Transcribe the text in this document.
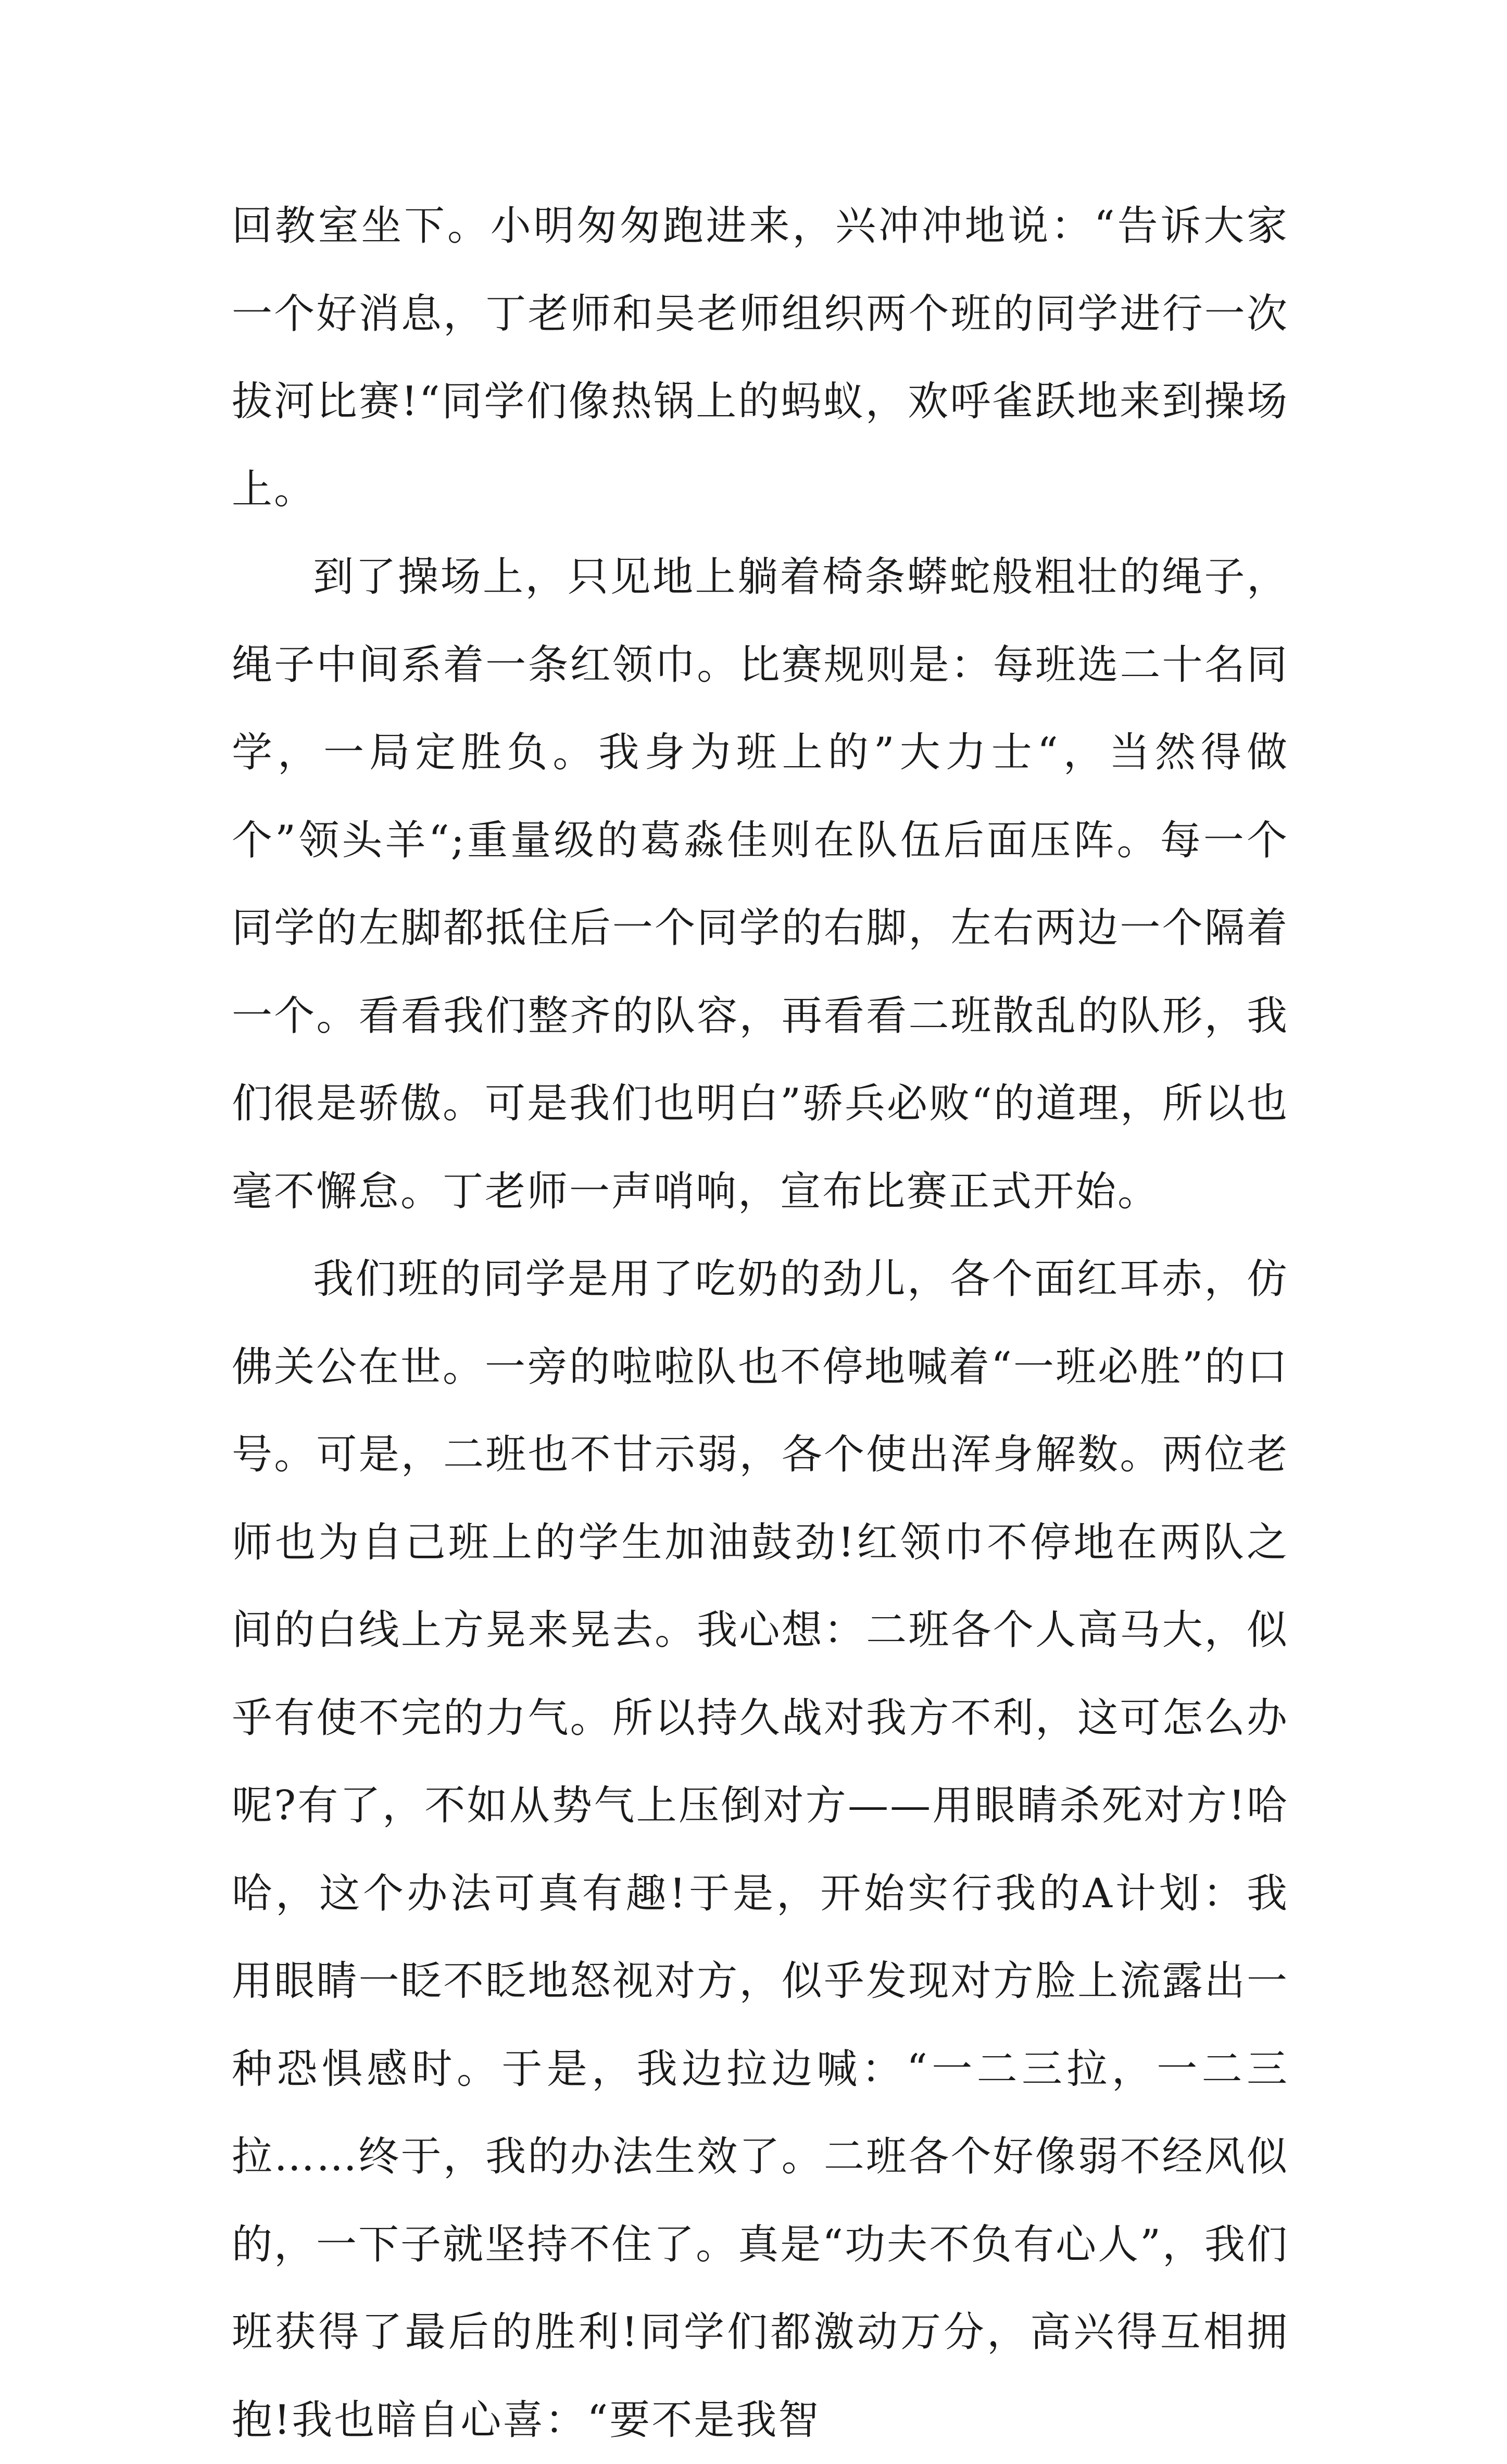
回教室坐下。小明匆匆跑进来，兴冲冲地说：“告诉大家一个好消息，丁老师和吴老师组织两个班的同学进行一次拔河比赛!“同学们像热锅上的蚂蚁，欢呼雀跃地来到操场上。

到了操场上，只见地上躺着椅条蟒蛇般粗壮的绳子，绳子中间系着一条红领巾。比赛规则是：每班选二十名同学，一局定胜负。我身为班上的”大力士“，当然得做个”领头羊“;重量级的葛淼佳则在队伍后面压阵。每一个同学的左脚都抵住后一个同学的右脚，左右两边一个隔着一个。看看我们整齐的队容，再看看二班散乱的队形，我们很是骄傲。可是我们也明白”骄兵必败“的道理，所以也毫不懈怠。丁老师一声哨响，宣布比赛正式开始。

我们班的同学是用了吃奶的劲儿，各个面红耳赤，仿佛关公在世。一旁的啦啦队也不停地喊着“一班必胜”的口号。可是，二班也不甘示弱，各个使出浑身解数。两位老师也为自己班上的学生加油鼓劲!红领巾不停地在两队之间的白线上方晃来晃去。我心想：二班各个人高马大，似乎有使不完的力气。所以持久战对我方不利，这可怎么办呢?有了，不如从势气上压倒对方——用眼睛杀死对方!哈哈，这个办法可真有趣!于是，开始实行我的A计划：我用眼睛一眨不眨地怒视对方，似乎发现对方脸上流露出一种恐惧感时。于是，我边拉边喊：“一二三拉，一二三拉……终于，我的办法生效了。二班各个好像弱不经风似的，一下子就坚持不住了。真是“功夫不负有心人”，我们班获得了最后的胜利!同学们都激动万分，高兴得互相拥抱!我也暗自心喜：“要不是我智
